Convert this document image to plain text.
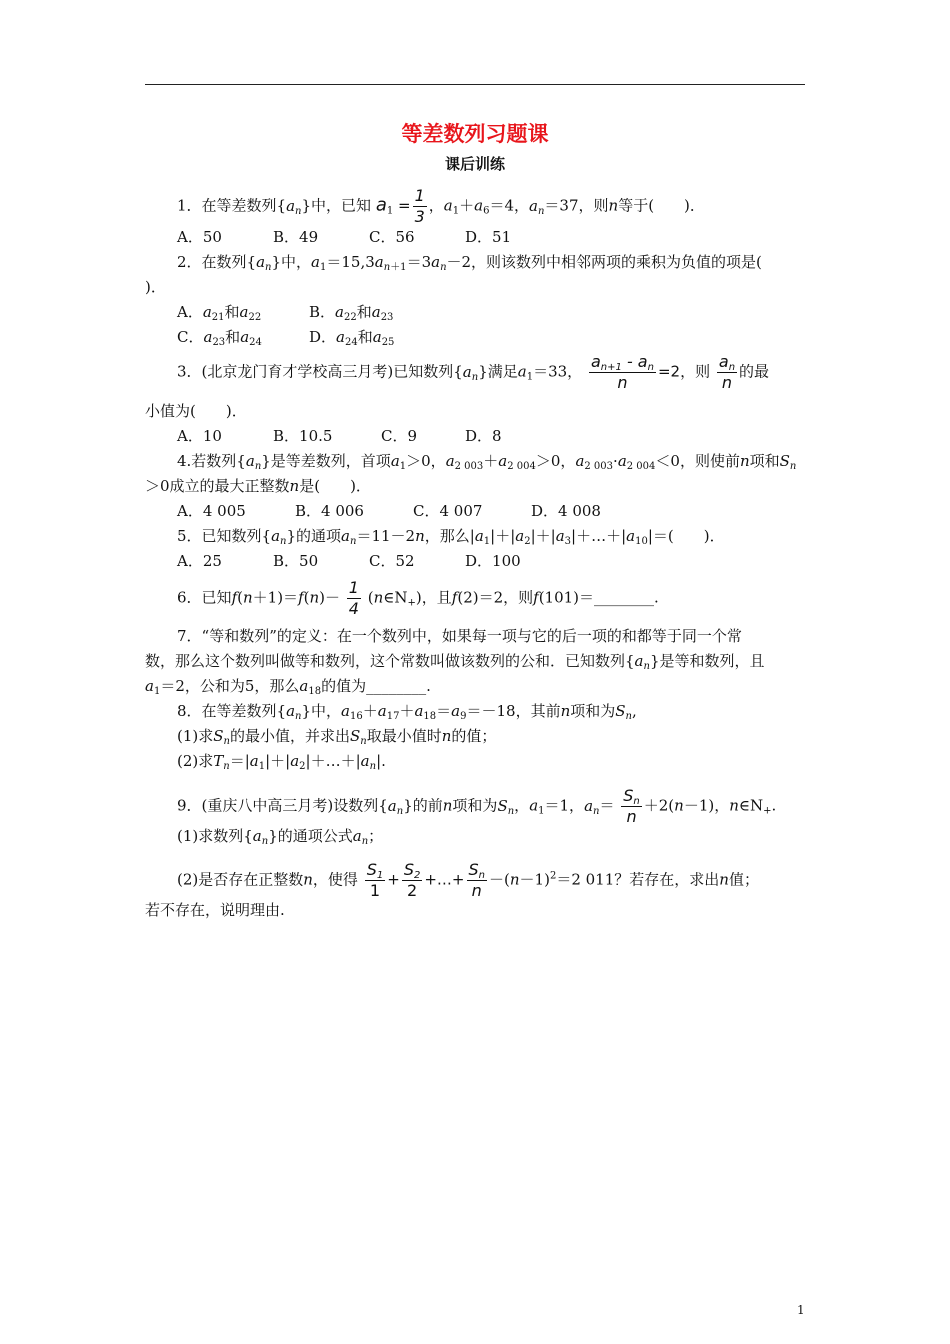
等差数列习题课
课后训练
1．在等差数列$\{a_n\}$中，已知 $a_1 = \frac{1}{3}$ ，$a_1+a_6=4$，$a_n=37$，则n等于(　　)．
A．50	B．49	C．56	D．51
2．在数列$\{a_n\}$中，$a_1=15,3a_{n+1}=3a_n-2$，则该数列中相邻两项的乘积为负值的项是(
)．
A．$a_{21}$和$a_{22}$	B．$a_{22}$和$a_{23}$
C．$a_{23}$和$a_{24}$	D．$a_{24}$和$a_{25}$
3．(北京龙门育才学校高三月考)已知数列$\{a_n\}$满足$a_1=33$， $\frac{a_{n+1} - a_n}{n} =2$，则 $\frac{a_n}{n}$ 的最
小值为(　　)．
A．10	B．10.5	C．9	D．8
4.若数列$\{a_n\}$是等差数列，首项$a_1>0$，$a_{2 003}+a_{2 004}>0$，$a_{2 003}\cdot a_{2 004}<0$，则使前n项和$S_n$
＞0成立的最大正整数n是(　　)．
A．4 005	B．4 006	C．4 007	D．4 008
5．已知数列$\{a_n\}$的通项$a_n=11-2n$，那么$|a_1|+|a_2|+|a_3|+\dots+|a_{10}|=$(　　)．
A．25	B．50	C．52	D．100
6．已知$f(n+1)=f(n)- \frac{1}{4}$ $(n\in N_+)$，且f(2)＝2，则f(101)＝________.
7．“等和数列”的定义：在一个数列中，如果每一项与它的后一项的和都等于同一个常
数，那么这个数列叫做等和数列，这个常数叫做该数列的公和．已知数列$\{a_n\}$是等和数列，且
$a_1=2$，公和为5，那么$a_{18}$的值为________.
8．在等差数列$\{a_n\}$中，$a_{16}+a_{17}+a_{18}=a_9=-18$，其前n项和为$S_n$,
(1)求$S_n$的最小值，并求出$S_n$取最小值时n的值；
(2)求$T_n=|a_1|+|a_2|+\dots+|a_n|$.
9．(重庆八中高三月考)设数列$\{a_n\}$的前n项和为$S_n$，$a_1=1$，$a_n= \frac{S_n}{n} +2(n-1)$，$n\in N_+$.
(1)求数列$\{a_n\}$的通项公式$a_n$；
(2)是否存在正整数n，使得 $\frac{S_1}{1} + \frac{S_2}{2}$ +…+ $\frac{S_n}{n} -(n-1)^2=2$ 011？若存在，求出n值；
若不存在，说明理由.
1
